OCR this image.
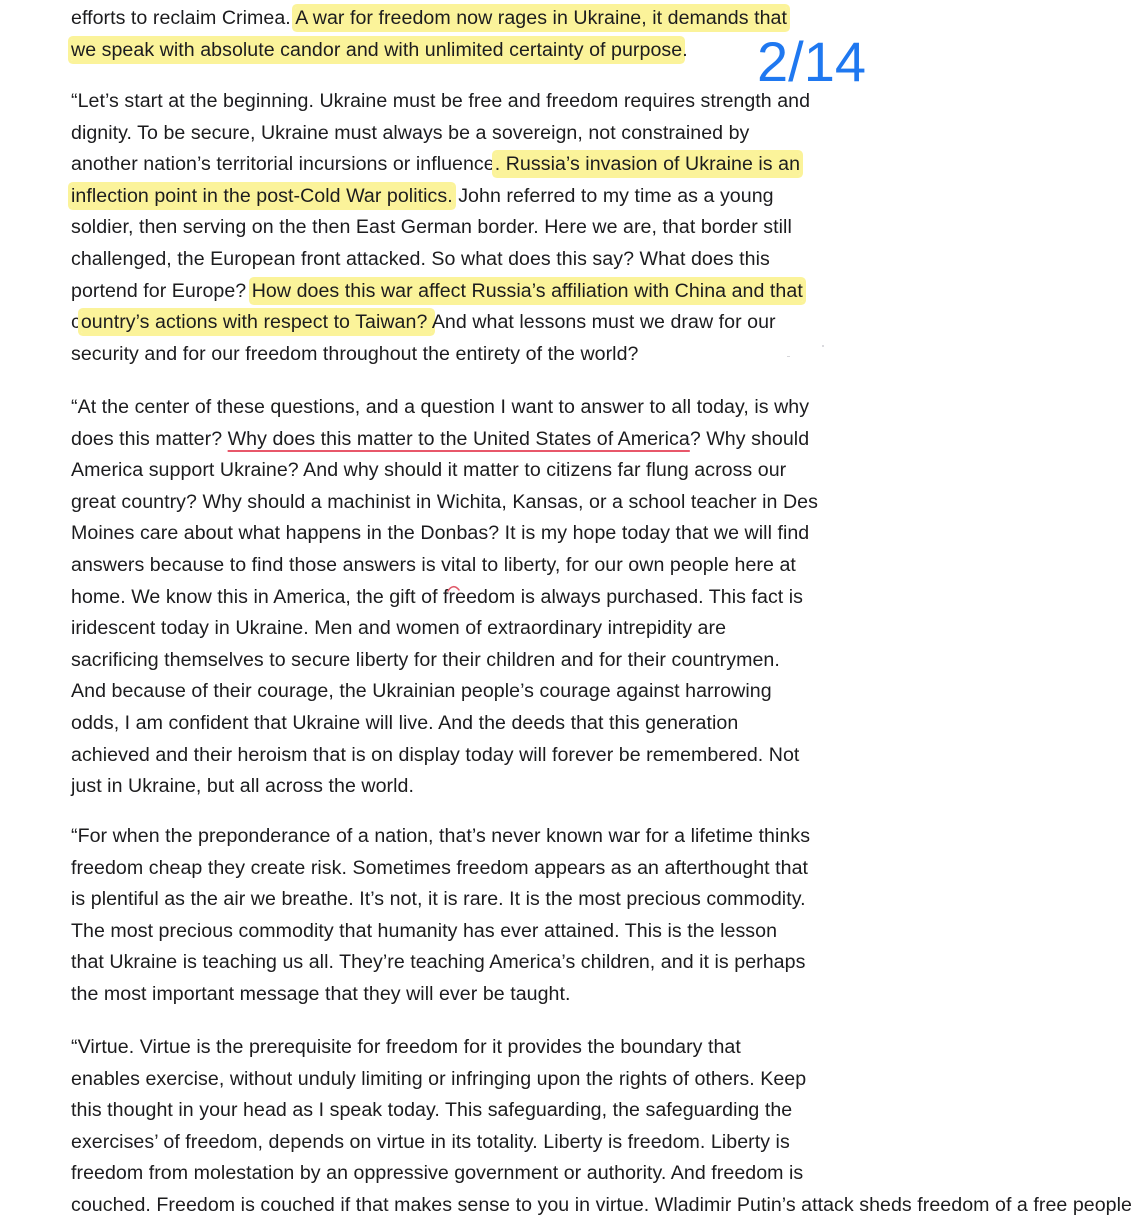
efforts to reclaim Crimea. A war for freedom now rages in Ukraine, it demands that
we speak with absolute candor and with unlimited certainty of purpose.

“Let’s start at the beginning. Ukraine must be free and freedom requires strength and
dignity. To be secure, Ukraine must always be a sovereign, not constrained by
another nation’s territorial incursions or influence. Russia’s invasion of Ukraine is an
inflection point in the post-Cold War politics. John referred to my time as a young
soldier, then serving on the then East German border. Here we are, that border still
challenged, the European front attacked. So what does this say? What does this
portend for Europe? How does this war affect Russia’s affiliation with China and that
country’s actions with respect to Taiwan? And what lessons must we draw for our
security and for our freedom throughout the entirety of the world?

“At the center of these questions, and a question I want to answer to all today, is why
does this matter? Why does this matter to the United States of America? Why should
America support Ukraine? And why should it matter to citizens far flung across our
great country? Why should a machinist in Wichita, Kansas, or a school teacher in Des
Moines care about what happens in the Donbas? It is my hope today that we will find
answers because to find those answers is vital to liberty, for our own people here at
home. We know this in America, the gift of freedom is always purchased. This fact is
iridescent today in Ukraine. Men and women of extraordinary intrepidity are
sacrificing themselves to secure liberty for their children and for their countrymen.
And because of their courage, the Ukrainian people’s courage against harrowing
odds, I am confident that Ukraine will live. And the deeds that this generation
achieved and their heroism that is on display today will forever be remembered. Not
just in Ukraine, but all across the world.

“For when the preponderance of a nation, that’s never known war for a lifetime thinks
freedom cheap they create risk. Sometimes freedom appears as an afterthought that
is plentiful as the air we breathe. It’s not, it is rare. It is the most precious commodity.
The most precious commodity that humanity has ever attained. This is the lesson
that Ukraine is teaching us all. They’re teaching America’s children, and it is perhaps
the most important message that they will ever be taught.

“Virtue. Virtue is the prerequisite for freedom for it provides the boundary that
enables exercise, without unduly limiting or infringing upon the rights of others. Keep
this thought in your head as I speak today. This safeguarding, the safeguarding the
exercises’ of freedom, depends on virtue in its totality. Liberty is freedom. Liberty is
freedom from molestation by an oppressive government or authority. And freedom is
couched. Freedom is couched if that makes sense to you in virtue. Wladimir Putin’s attack sheds freedom of a free people

2/14
